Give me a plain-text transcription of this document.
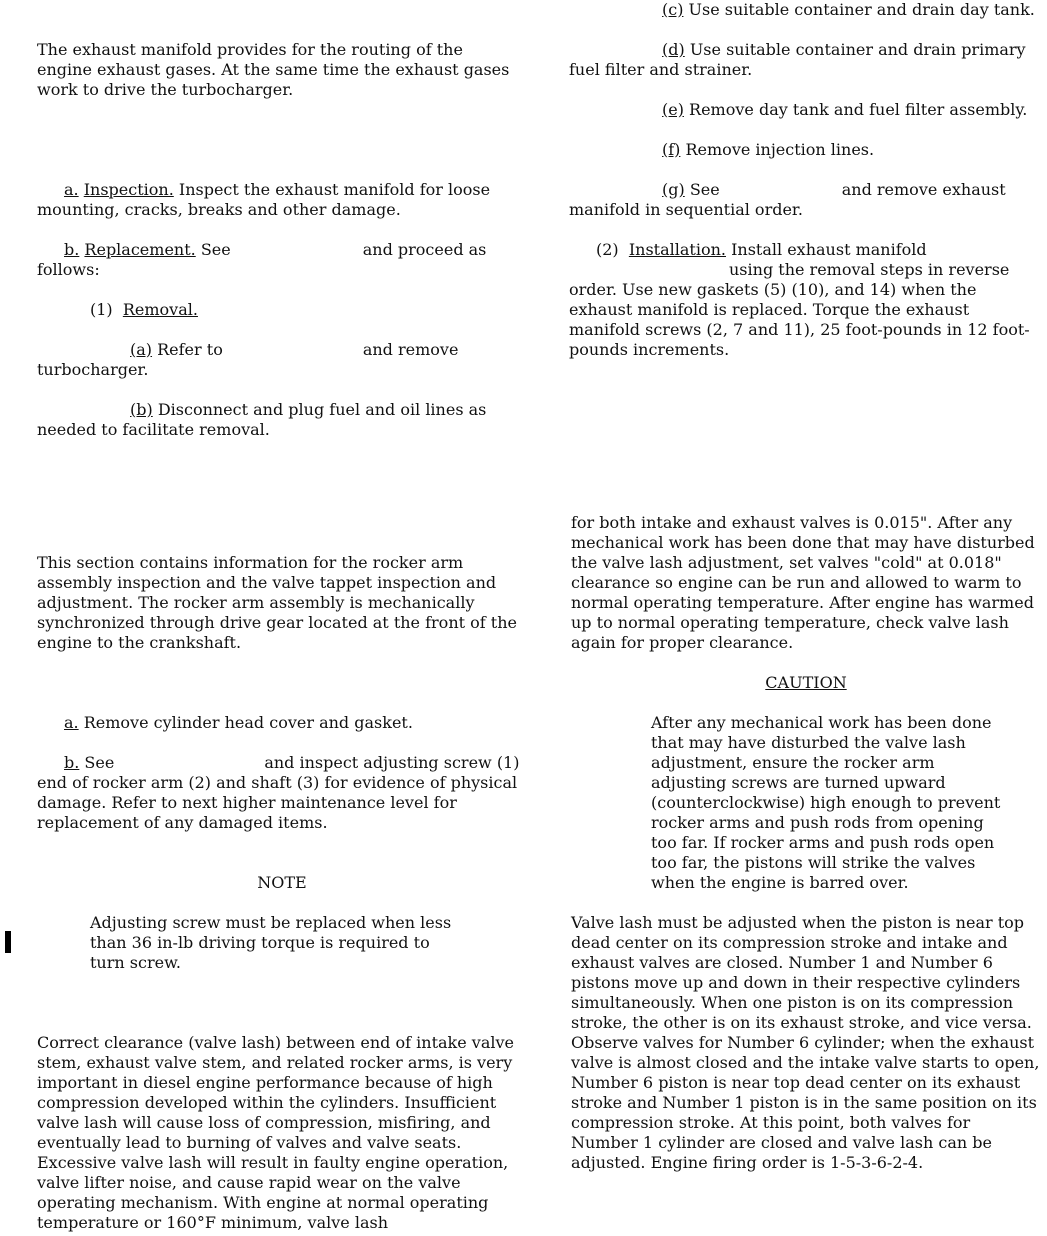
The exhaust manifold provides for the routing of the engine exhaust gases. At the same time the exhaust gases work to drive the turbocharger.

a. Inspection. Inspect the exhaust manifold for loose mounting, cracks, breaks and other damage.

b. Replacement. See	and proceed as follows:

(1) Removal.

(a) Refer to	and remove turbocharger.

(b) Disconnect and plug fuel and oil lines as needed to facilitate removal.

(c) Use suitable container and drain day tank.

(d) Use suitable container and drain primary fuel filter and strainer.

(e) Remove day tank and fuel filter assembly.

(f) Remove injection lines.

(g) See	and remove exhaust manifold in sequential order.

(2) Installation. Install exhaust manifoldusing the removal steps in reverse order. Use new gaskets (5) (10), and 14) when the exhaust manifold is replaced. Torque the exhaust manifold screws (2, 7 and 11), 25 foot-pounds in 12 foot-pounds increments.

This section contains information for the rocker arm assembly inspection and the valve tappet inspection and adjustment. The rocker arm assembly is mechanically synchronized through drive gear located at the front of the engine to the crankshaft.

a. Remove cylinder head cover and gasket.

b. See	and inspect adjusting screw (1) end of rocker arm (2) and shaft (3) for evidence of physical damage. Refer to next higher maintenance level for replacement of any damaged items.

NOTE

Adjusting screw must be replaced when less than 36 in-lb driving torque is required to turn screw.

Correct clearance (valve lash) between end of intake valve stem, exhaust valve stem, and related rocker arms, is very important in diesel engine performance because of high compression developed within the cylinders. Insufficient valve lash will cause loss of compression, misfiring, and eventually lead to burning of valves and valve seats. Excessive valve lash will result in faulty engine operation, valve lifter noise, and cause rapid wear on the valve operating mechanism. With engine at normal operating temperature or 160°F minimum, valve lash

for both intake and exhaust valves is 0.015". After any mechanical work has been done that may have disturbed the valve lash adjustment, set valves "cold" at 0.018" clearance so engine can be run and allowed to warm to normal operating temperature. After engine has warmed up to normal operating temperature, check valve lash again for proper clearance.

CAUTION

After any mechanical work has been done that may have disturbed the valve lash adjustment, ensure the rocker arm adjusting screws are turned upward (counterclockwise) high enough to prevent rocker arms and push rods from opening too far. If rocker arms and push rods open too far, the pistons will strike the valves when the engine is barred over.

Valve lash must be adjusted when the piston is near top dead center on its compression stroke and intake and exhaust valves are closed. Number 1 and Number 6 pistons move up and down in their respective cylinders simultaneously. When one piston is on its compression stroke, the other is on its exhaust stroke, and vice versa. Observe valves for Number 6 cylinder; when the exhaust valve is almost closed and the intake valve starts to open, Number 6 piston is near top dead center on its exhaust stroke and Number 1 piston is in the same position on its compression stroke. At this point, both valves for Number 1 cylinder are closed and valve lash can be adjusted. Engine firing order is 1-5-3-6-2-4.
